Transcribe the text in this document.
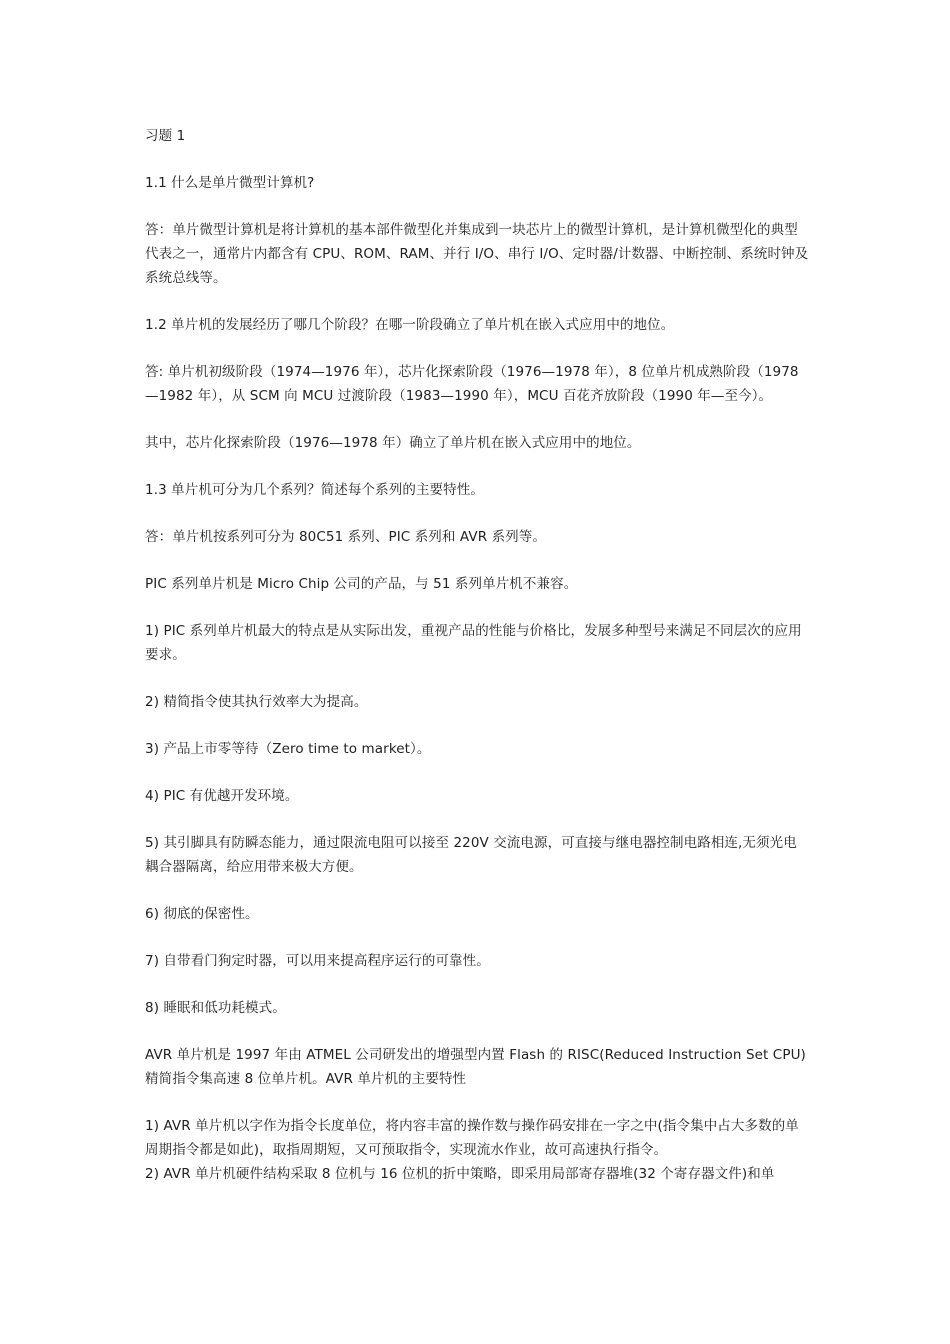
习题 1

1.1 什么是单片微型计算机?

答：单片微型计算机是将计算机的基本部件微型化并集成到一块芯片上的微型计算机，是计算机微型化的典型代表之一，通常片内都含有 CPU、ROM、RAM、并行 I/O、串行 I/O、定时器/计数器、中断控制、系统时钟及系统总线等。

1.2 单片机的发展经历了哪几个阶段？在哪一阶段确立了单片机在嵌入式应用中的地位。

答: 单片机初级阶段（1974—1976 年），芯片化探索阶段（1976—1978 年），8 位单片机成熟阶段（1978—1982 年），从 SCM 向 MCU 过渡阶段（1983—1990 年），MCU 百花齐放阶段（1990 年—至今）。

其中，芯片化探索阶段（1976—1978 年）确立了单片机在嵌入式应用中的地位。

1.3 单片机可分为几个系列？简述每个系列的主要特性。

答：单片机按系列可分为 80C51 系列、PIC 系列和 AVR 系列等。

PIC 系列单片机是 Micro Chip 公司的产品，与 51 系列单片机不兼容。

1) PIC 系列单片机最大的特点是从实际出发，重视产品的性能与价格比，发展多种型号来满足不同层次的应用要求。

2) 精简指令使其执行效率大为提高。

3) 产品上市零等待（Zero time to market）。

4) PIC 有优越开发环境。

5) 其引脚具有防瞬态能力，通过限流电阻可以接至 220V 交流电源，可直接与继电器控制电路相连,无须光电耦合器隔离，给应用带来极大方便。

6) 彻底的保密性。

7) 自带看门狗定时器，可以用来提高程序运行的可靠性。

8) 睡眠和低功耗模式。

AVR 单片机是 1997 年由 ATMEL 公司研发出的增强型内置 Flash 的 RISC(Reduced Instruction Set CPU) 精简指令集高速 8 位单片机。AVR 单片机的主要特性

1) AVR 单片机以字作为指令长度单位，将内容丰富的操作数与操作码安排在一字之中(指令集中占大多数的单周期指令都是如此)，取指周期短，又可预取指令，实现流水作业，故可高速执行指令。

2) AVR 单片机硬件结构采取 8 位机与 16 位机的折中策略，即采用局部寄存器堆(32 个寄存器文件)和单
